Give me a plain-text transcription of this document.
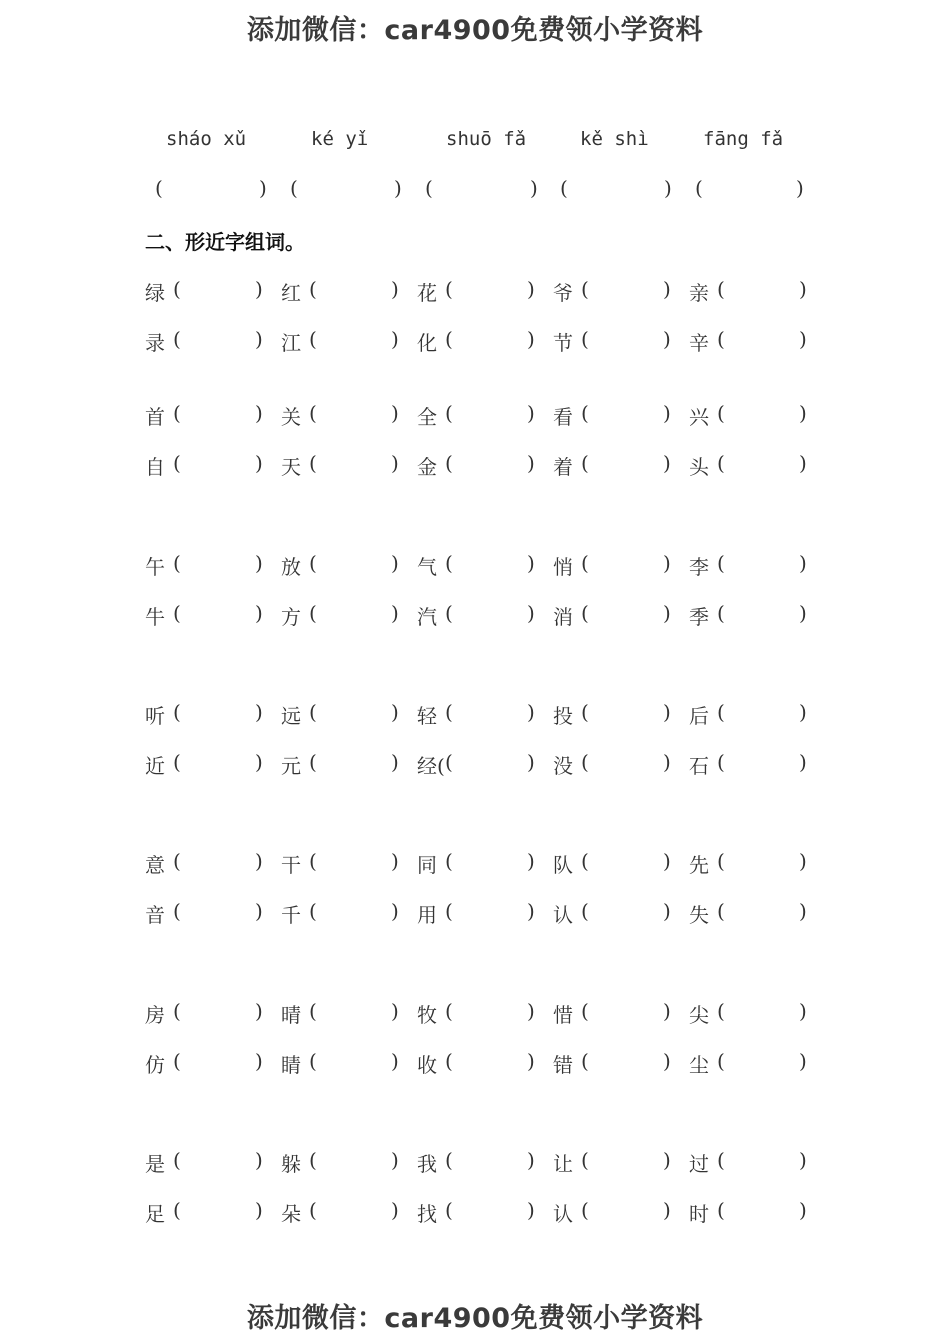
添加微信：car4900免费领小学资料
sháo xǔ	ké yǐ	shuō fǎ	kě shì	fāng fǎ
(	) (	) (	) (	) (	)
二、形近字组词。
绿 (	) 红 (	) 花 (	) 爷 (	) 亲 (	)
录 (	) 江 (	) 化 (	) 节 (	) 辛 (	)
首 (	) 关 (	) 全 (	) 看 (	) 兴 (	)
自 (	) 天 (	) 金 (	) 着 (	) 头 (	)
午 (	) 放 (	) 气 (	) 悄 (	) 李 (	)
牛 (	) 方 (	) 汽 (	) 消 (	) 季 (	)
听 (	) 远 (	) 轻 (	) 投 (	) 后 (	)
近 (	) 元 (	) 经( (	) 没 (	) 石 (	)
意 (	) 干 (	) 同 (	) 队 (	) 先 (	)
音 (	) 千 (	) 用 (	) 认 (	) 失 (	)
房 (	) 晴 (	) 牧 (	) 惜 (	) 尖 (	)
仿 (	) 睛 (	) 收 (	) 错 (	) 尘 (	)
是 (	) 躲 (	) 我 (	) 让 (	) 过 (	)
足 (	) 朵 (	) 找 (	) 认 (	) 时 (	)
添加微信：car4900免费领小学资料
